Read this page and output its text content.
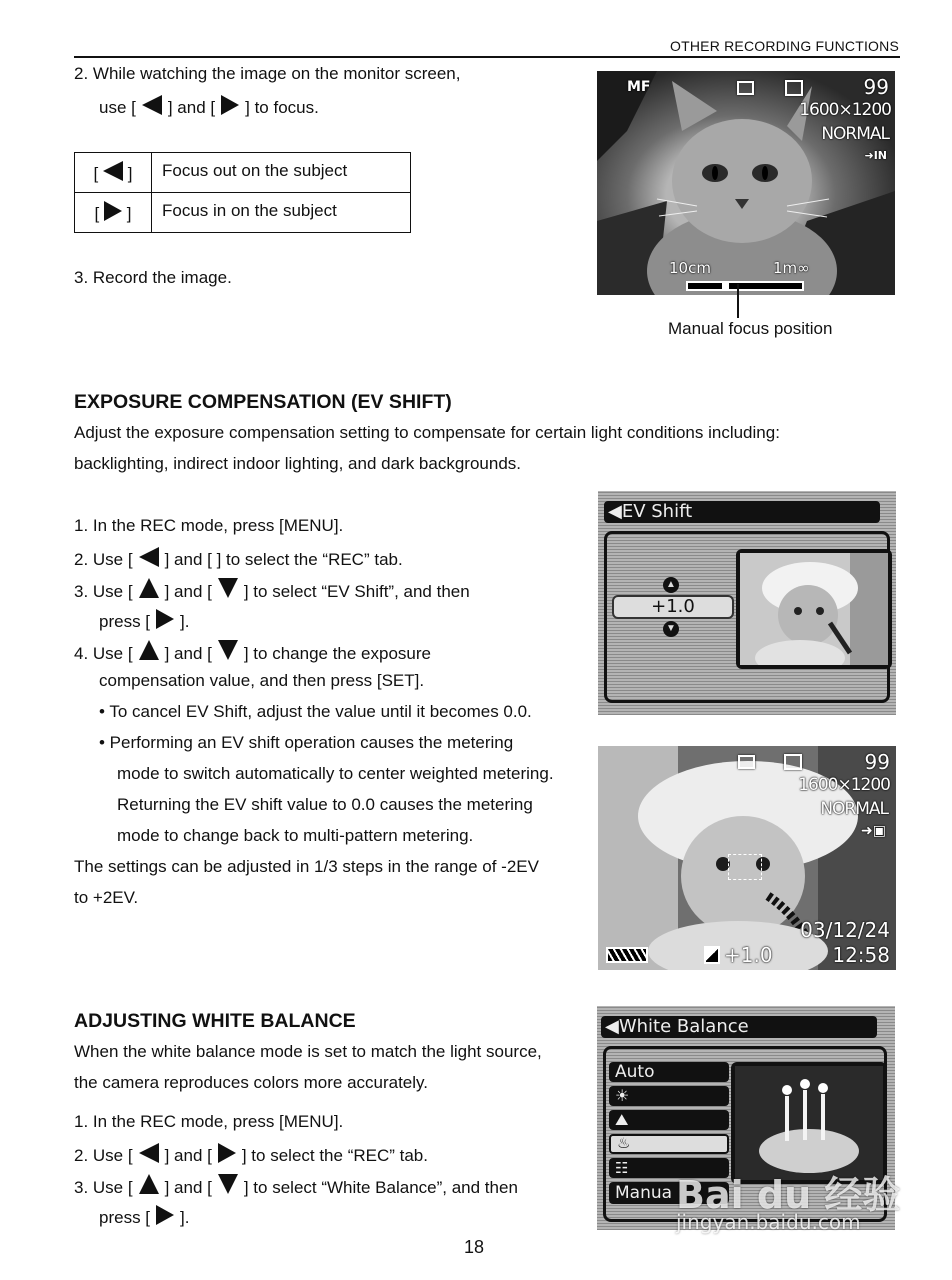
OTHER RECORDING FUNCTIONS
2. While watching the image on the monitor screen,
use [ ] and [ ] to focus.
[ ]	Focus out on the subject
[ ]	Focus in on the subject
3. Record the image.
MF	99
1600×1200
NORMAL
➜IN
10cm	1m∞
Manual focus position
EXPOSURE COMPENSATION (EV SHIFT)
Adjust the exposure compensation setting to compensate for certain light conditions including:
backlighting, indirect indoor lighting, and dark backgrounds.
1. In the REC mode, press [MENU].
2. Use [ ] and [ ] to select the “REC” tab.
3. Use [ ] and [ ] to select “EV Shift”, and then
press [ ].
4. Use [ ] and [ ] to change the exposure
compensation value, and then press [SET].
• To cancel EV Shift, adjust the value until it becomes 0.0.
• Performing an EV shift operation causes the metering
mode to switch automatically to center weighted metering.
Returning the EV shift value to 0.0 causes the metering
mode to change back to multi-pattern metering.
The settings can be adjusted in 1/3 steps in the range of -2EV
to +2EV.
◀EV Shift
+1.0
▲
▼
99
1600×1200
NORMAL
➜▣
03/12/24
12:58
+1.0
ADJUSTING WHITE BALANCE
When the white balance mode is set to match the light source,
the camera reproduces colors more accurately.
1. In the REC mode, press [MENU].
2. Use [ ] and [ ] to select the “REC” tab.
3. Use [ ] and [ ] to select “White Balance”, and then
press [ ].
◀White Balance
Auto
☀
⛰
♨
☷
Manua Bai du 经验
jingyan.baidu.com
18
